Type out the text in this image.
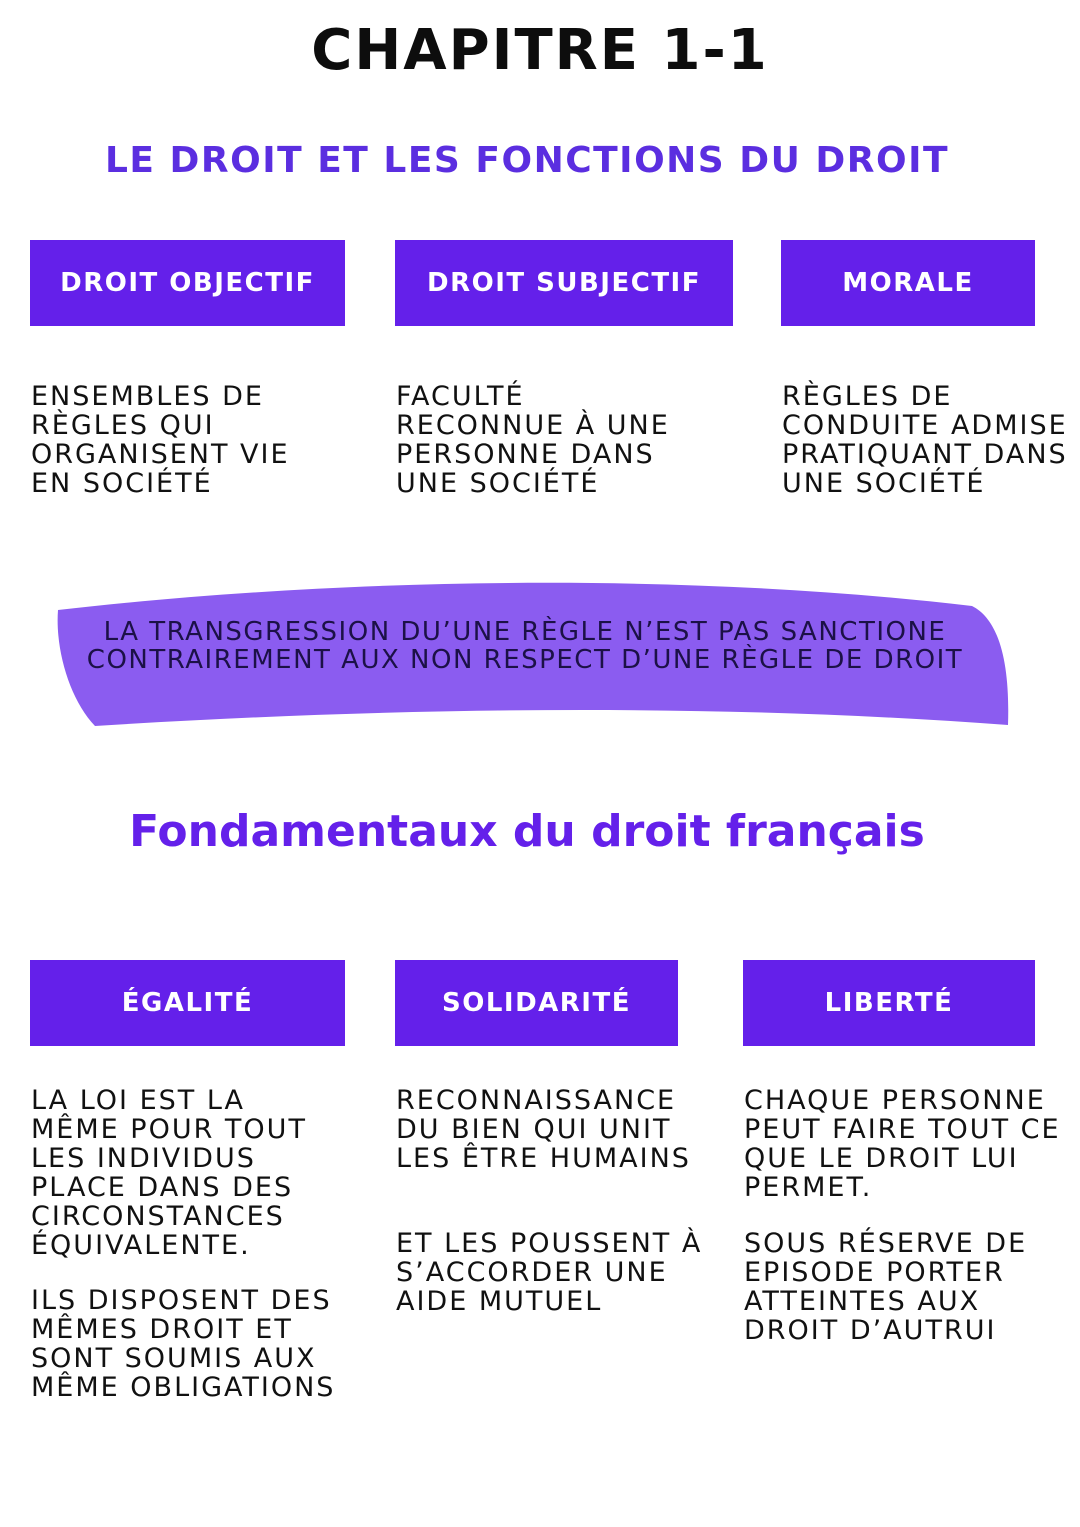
CHAPITRE 1-1
LE DROIT ET LES FONCTIONS DU DROIT
DROIT OBJECTIF	DROIT SUBJECTIF	MORALE

ENSEMBLES DE
RÈGLES QUI
ORGANISENT VIE
EN SOCIÉTÉ

FACULTÉ
RECONNUE À UNE
PERSONNE DANS
UNE SOCIÉTÉ

RÈGLES DE
CONDUITE ADMISE
PRATIQUANT DANS
UNE SOCIÉTÉ

LA TRANSGRESSION DU’UNE RÈGLE N’EST PAS SANCTIONE
CONTRAIREMENT AUX NON RESPECT D’UNE RÈGLE DE DROIT
Fondamentaux du droit français
ÉGALITÉ	SOLIDARITÉ	LIBERTÉ

LA LOI EST LA
MÊME POUR TOUT
LES INDIVIDUS
PLACE DANS DES
CIRCONSTANCES
ÉQUIVALENTE.

ILS DISPOSENT DES
MÊMES DROIT ET
SONT SOUMIS AUX
MÊME OBLIGATIONS

RECONNAISSANCE
DU BIEN QUI UNIT
LES ÊTRE HUMAINS

ET LES POUSSENT À
S’ACCORDER UNE
AIDE MUTUEL

CHAQUE PERSONNE
PEUT FAIRE TOUT CE
QUE LE DROIT LUI
PERMET.

SOUS RÉSERVE DE
EPISODE PORTER
ATTEINTES AUX
DROIT D’AUTRUI
